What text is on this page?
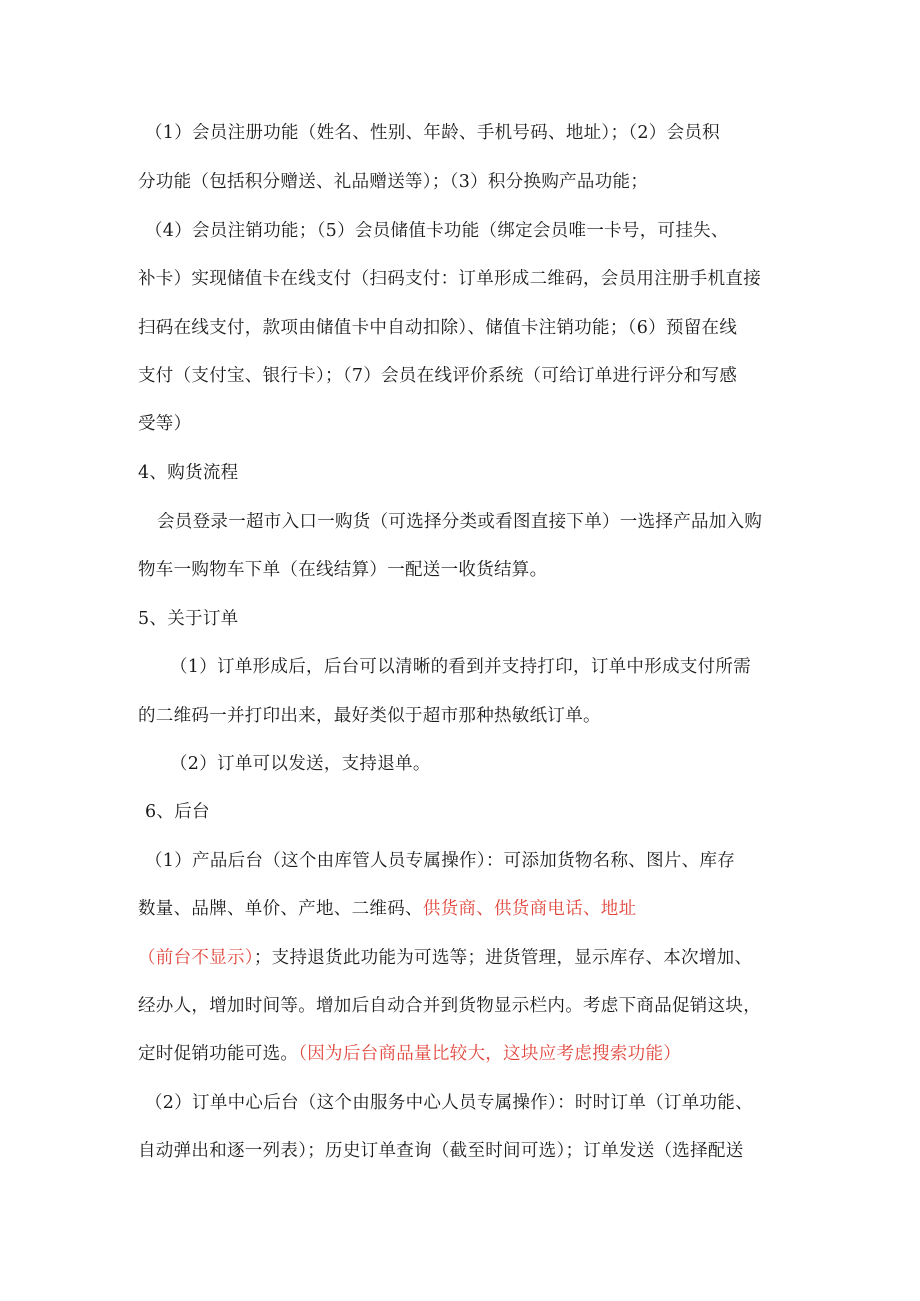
（1）会员注册功能（姓名、性别、年龄、手机号码、地址）；（2）会员积
分功能（包括积分赠送、礼品赠送等）；（3）积分换购产品功能；
（4）会员注销功能；（5）会员储值卡功能（绑定会员唯一卡号，可挂失、
补卡）实现储值卡在线支付（扫码支付：订单形成二维码，会员用注册手机直接
扫码在线支付，款项由储值卡中自动扣除）、储值卡注销功能；（6）预留在线
支付（支付宝、银行卡）；（7）会员在线评价系统（可给订单进行评分和写感
受等）
4、购货流程
会员登录一超市入口一购货（可选择分类或看图直接下单）一选择产品加入购
物车一购物车下单（在线结算）一配送一收货结算。
5、关于订单
（1）订单形成后，后台可以清晰的看到并支持打印，订单中形成支付所需
的二维码一并打印出来，最好类似于超市那种热敏纸订单。
（2）订单可以发送，支持退单。
6、后台
（1）产品后台（这个由库管人员专属操作）：可添加货物名称、图片、库存
数量、品牌、单价、产地、二维码、供货商、供货商电话、地址
（前台不显示）；支持退货此功能为可选等；进货管理，显示库存、本次增加、
经办人，增加时间等。增加后自动合并到货物显示栏内。考虑下商品促销这块，
定时促销功能可选。（因为后台商品量比较大，这块应考虑搜索功能）
（2）订单中心后台（这个由服务中心人员专属操作）：时时订单（订单功能、
自动弹出和逐一列表）；历史订单查询（截至时间可选）；订单发送（选择配送
